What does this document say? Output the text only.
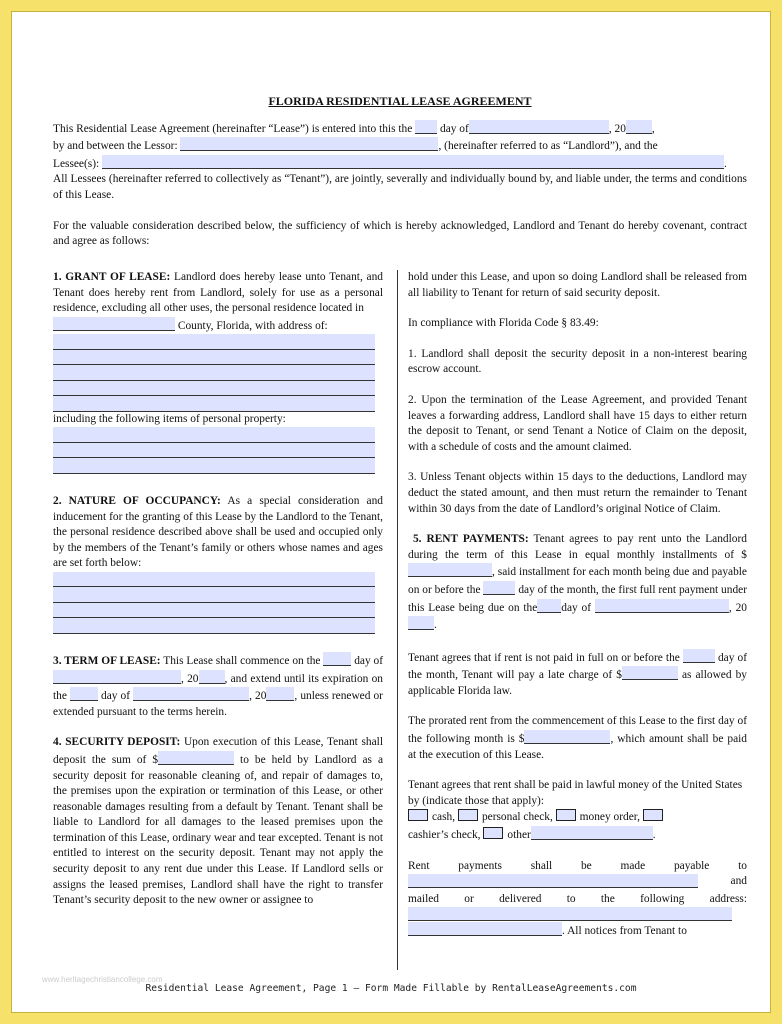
www.heritagechristiancollege.com
FLORIDA RESIDENTIAL LEASE AGREEMENT

This Residential Lease Agreement (hereinafter “Lease”) is entered into this the day of	, 20 ,

by and between the Lessor:	, (hereinafter referred to as “Landlord”), and the

Lessee(s):	.

All Lessees (hereinafter referred to collectively as “Tenant”), are jointly, severally and individually bound by, and liable under, the terms and conditions of this Lease.

For the valuable consideration described below, the sufficiency of which is hereby acknowledged, Landlord and Tenant do hereby covenant, contract and agree as follows:

1. GRANT OF LEASE: Landlord does hereby lease unto Tenant, and Tenant does hereby rent from Landlord, solely for use as a personal residence, excluding all other uses, the personal residence located in

County, Florida, with address of:

including the following items of personal property:

2. NATURE OF OCCUPANCY: As a special consideration and inducement for the granting of this Lease by the Landlord to the Tenant, the personal residence described above shall be used and occupied only by the members of the Tenant’s family or others whose names and ages are set forth below:

3. TERM OF LEASE: This Lease shall commence on the	day of , 20 , and extend until its expiration on the	day of	, 20 , unless renewed or extended pursuant to the terms herein.

4. SECURITY DEPOSIT: Upon execution of this Lease, Tenant shall deposit the sum of $	to be held by Landlord as a security deposit for reasonable cleaning of, and repair of damages to, the premises upon the expiration or termination of this Lease, or other reasonable damages resulting from a default by Tenant. Tenant shall be liable to Landlord for all damages to the leased premises upon the termination of this Lease, ordinary wear and tear excepted. Tenant is not entitled to interest on the security deposit. Tenant may not apply the security deposit to any rent due under this Lease. If Landlord sells or assigns the leased premises, Landlord shall have the right to transfer Tenant’s security deposit to the new owner or assignee to

hold under this Lease, and upon so doing Landlord shall be released from all liability to Tenant for return of said security deposit.

In compliance with Florida Code § 83.49:

1. Landlord shall deposit the security deposit in a non-interest bearing escrow account.

2. Upon the termination of the Lease Agreement, and provided Tenant leaves a forwarding address, Landlord shall have 15 days to either return the deposit to Tenant, or send Tenant a Notice of Claim on the deposit, with a schedule of costs and the amount claimed.

3. Unless Tenant objects within 15 days to the deductions, Landlord may deduct the stated amount, and then must return the remainder to Tenant within 30 days from the date of Landlord’s original Notice of Claim.

5. RENT PAYMENTS: Tenant agrees to pay rent unto the Landlord during the term of this Lease in equal monthly installments of $, said installment for each month being due and payable on or before the	day of the month, the first full rent payment under this Lease being due on the day of	, 20.

Tenant agrees that if rent is not paid in full on or before the	day of the month, Tenant will pay a late charge of $	as allowed by applicable Florida law.

The prorated rent from the commencement of this Lease to the first day of the following month is $	, which amount shall be paid at the execution of this Lease.

Tenant agrees that rent shall be paid in lawful money of the United States by (indicate those that apply):

cash, personal check, money order,

cashier’s check, other	.

Rent payments shall be made payable to

and

mailed or delivered to the following address:

. All notices from Tenant to

Residential Lease Agreement, Page 1 – Form Made Fillable by RentalLeaseAgreements.com
